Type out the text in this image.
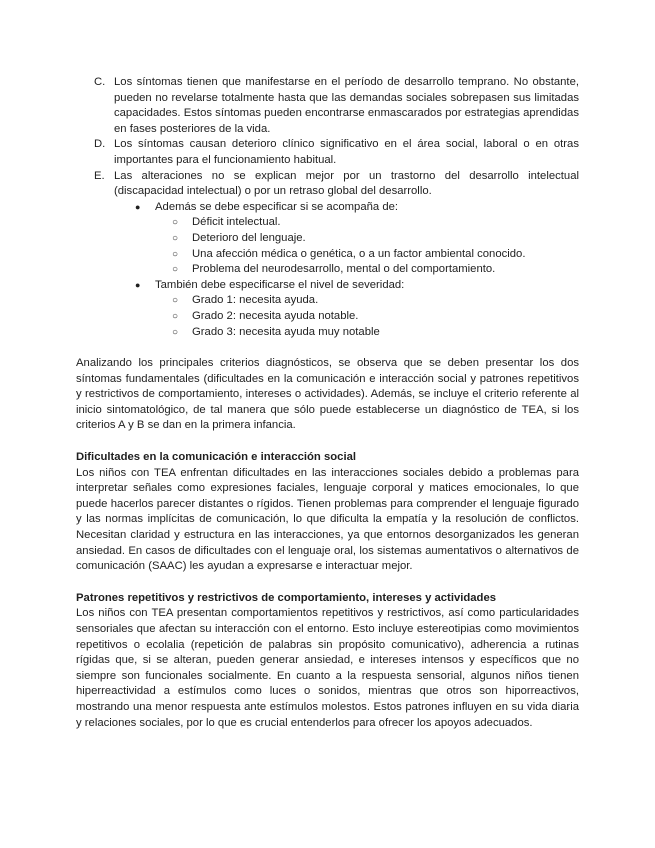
C. Los síntomas tienen que manifestarse en el período de desarrollo temprano. No obstante, pueden no revelarse totalmente hasta que las demandas sociales sobrepasen sus limitadas capacidades. Estos síntomas pueden encontrarse enmascarados por estrategias aprendidas en fases posteriores de la vida.
D. Los síntomas causan deterioro clínico significativo en el área social, laboral o en otras importantes para el funcionamiento habitual.
E. Las alteraciones no se explican mejor por un trastorno del desarrollo intelectual (discapacidad intelectual) o por un retraso global del desarrollo.
● Además se debe especificar si se acompaña de:
○ Déficit intelectual.
○ Deterioro del lenguaje.
○ Una afección médica o genética, o a un factor ambiental conocido.
○ Problema del neurodesarrollo, mental o del comportamiento.
● También debe especificarse el nivel de severidad:
○ Grado 1: necesita ayuda.
○ Grado 2: necesita ayuda notable.
○ Grado 3: necesita ayuda muy notable

Analizando los principales criterios diagnósticos, se observa que se deben presentar los dos síntomas fundamentales (dificultades en la comunicación e interacción social y patrones repetitivos y restrictivos de comportamiento, intereses o actividades). Además, se incluye el criterio referente al inicio sintomatológico, de tal manera que sólo puede establecerse un diagnóstico de TEA, si los criterios A y B se dan en la primera infancia.

Dificultades en la comunicación e interacción social

Los niños con TEA enfrentan dificultades en las interacciones sociales debido a problemas para interpretar señales como expresiones faciales, lenguaje corporal y matices emocionales, lo que puede hacerlos parecer distantes o rígidos. Tienen problemas para comprender el lenguaje figurado y las normas implícitas de comunicación, lo que dificulta la empatía y la resolución de conflictos. Necesitan claridad y estructura en las interacciones, ya que entornos desorganizados les generan ansiedad. En casos de dificultades con el lenguaje oral, los sistemas aumentativos o alternativos de comunicación (SAAC) les ayudan a expresarse e interactuar mejor.

Patrones repetitivos y restrictivos de comportamiento, intereses y actividades

Los niños con TEA presentan comportamientos repetitivos y restrictivos, así como particularidades sensoriales que afectan su interacción con el entorno. Esto incluye estereotipias como movimientos repetitivos o ecolalia (repetición de palabras sin propósito comunicativo), adherencia a rutinas rígidas que, si se alteran, pueden generar ansiedad, e intereses intensos y específicos que no siempre son funcionales socialmente. En cuanto a la respuesta sensorial, algunos niños tienen hiperreactividad a estímulos como luces o sonidos, mientras que otros son hiporreactivos, mostrando una menor respuesta ante estímulos molestos. Estos patrones influyen en su vida diaria y relaciones sociales, por lo que es crucial entenderlos para ofrecer los apoyos adecuados.
